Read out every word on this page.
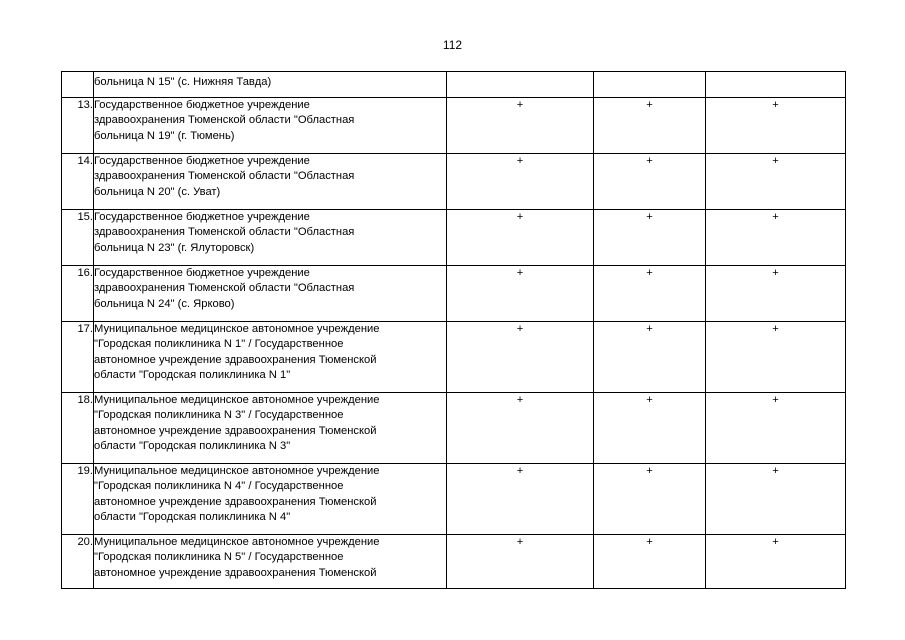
112

	больница N 15" (с. Нижняя Тавда)			

13.	Государственное бюджетное учреждение
здравоохранения Тюменской области "Областная
больница N 19" (г. Тюмень)	+	+	+
14.	Государственное бюджетное учреждение
здравоохранения Тюменской области "Областная
больница N 20" (с. Уват)	+	+	+
15.	Государственное бюджетное учреждение
здравоохранения Тюменской области "Областная
больница N 23" (г. Ялуторовск)	+	+	+
16.	Государственное бюджетное учреждение
здравоохранения Тюменской области "Областная
больница N 24" (с. Ярково)	+	+	+
17.	Муниципальное медицинское автономное учреждение
"Городская поликлиника N 1" / Государственное
автономное учреждение здравоохранения Тюменской
области "Городская поликлиника N 1"	+	+	+
18.	Муниципальное медицинское автономное учреждение
"Городская поликлиника N 3" / Государственное
автономное учреждение здравоохранения Тюменской
области "Городская поликлиника N 3"	+	+	+
19.	Муниципальное медицинское автономное учреждение
"Городская поликлиника N 4" / Государственное
автономное учреждение здравоохранения Тюменской
области "Городская поликлиника N 4"	+	+	+
20.	Муниципальное медицинское автономное учреждение
"Городская поликлиника N 5" / Государственное
автономное учреждение здравоохранения Тюменской	+	+	+
